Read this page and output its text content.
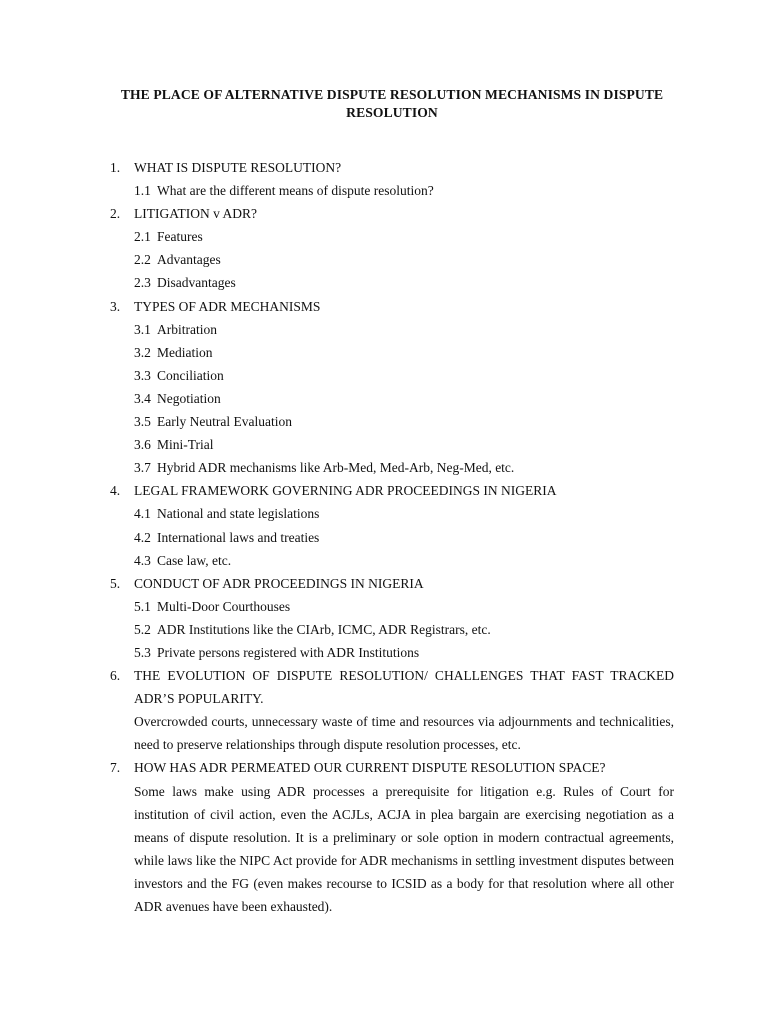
THE PLACE OF ALTERNATIVE DISPUTE RESOLUTION MECHANISMS IN DISPUTE RESOLUTION
1.	WHAT IS DISPUTE RESOLUTION?
1.1 What are the different means of dispute resolution?
2.	LITIGATION v ADR?
2.1 Features
2.2 Advantages
2.3 Disadvantages
3.	TYPES OF ADR MECHANISMS
3.1 Arbitration
3.2 Mediation
3.3 Conciliation
3.4 Negotiation
3.5 Early Neutral Evaluation
3.6 Mini-Trial
3.7 Hybrid ADR mechanisms like Arb-Med, Med-Arb, Neg-Med, etc.
4.	LEGAL FRAMEWORK GOVERNING ADR PROCEEDINGS IN NIGERIA
4.1 National and state legislations
4.2 International laws and treaties
4.3 Case law, etc.
5.	CONDUCT OF ADR PROCEEDINGS IN NIGERIA
5.1 Multi-Door Courthouses
5.2 ADR Institutions like the CIArb, ICMC, ADR Registrars, etc.
5.3 Private persons registered with ADR Institutions
6.	THE EVOLUTION OF DISPUTE RESOLUTION/ CHALLENGES THAT FAST TRACKED ADR’S POPULARITY.
Overcrowded courts, unnecessary waste of time and resources via adjournments and technicalities, need to preserve relationships through dispute resolution processes, etc.
7.	HOW HAS ADR PERMEATED OUR CURRENT DISPUTE RESOLUTION SPACE?
Some laws make using ADR processes a prerequisite for litigation e.g. Rules of Court for institution of civil action, even the ACJLs, ACJA in plea bargain are exercising negotiation as a means of dispute resolution. It is a preliminary or sole option in modern contractual agreements, while laws like the NIPC Act provide for ADR mechanisms in settling investment disputes between investors and the FG (even makes recourse to ICSID as a body for that resolution where all other ADR avenues have been exhausted).
